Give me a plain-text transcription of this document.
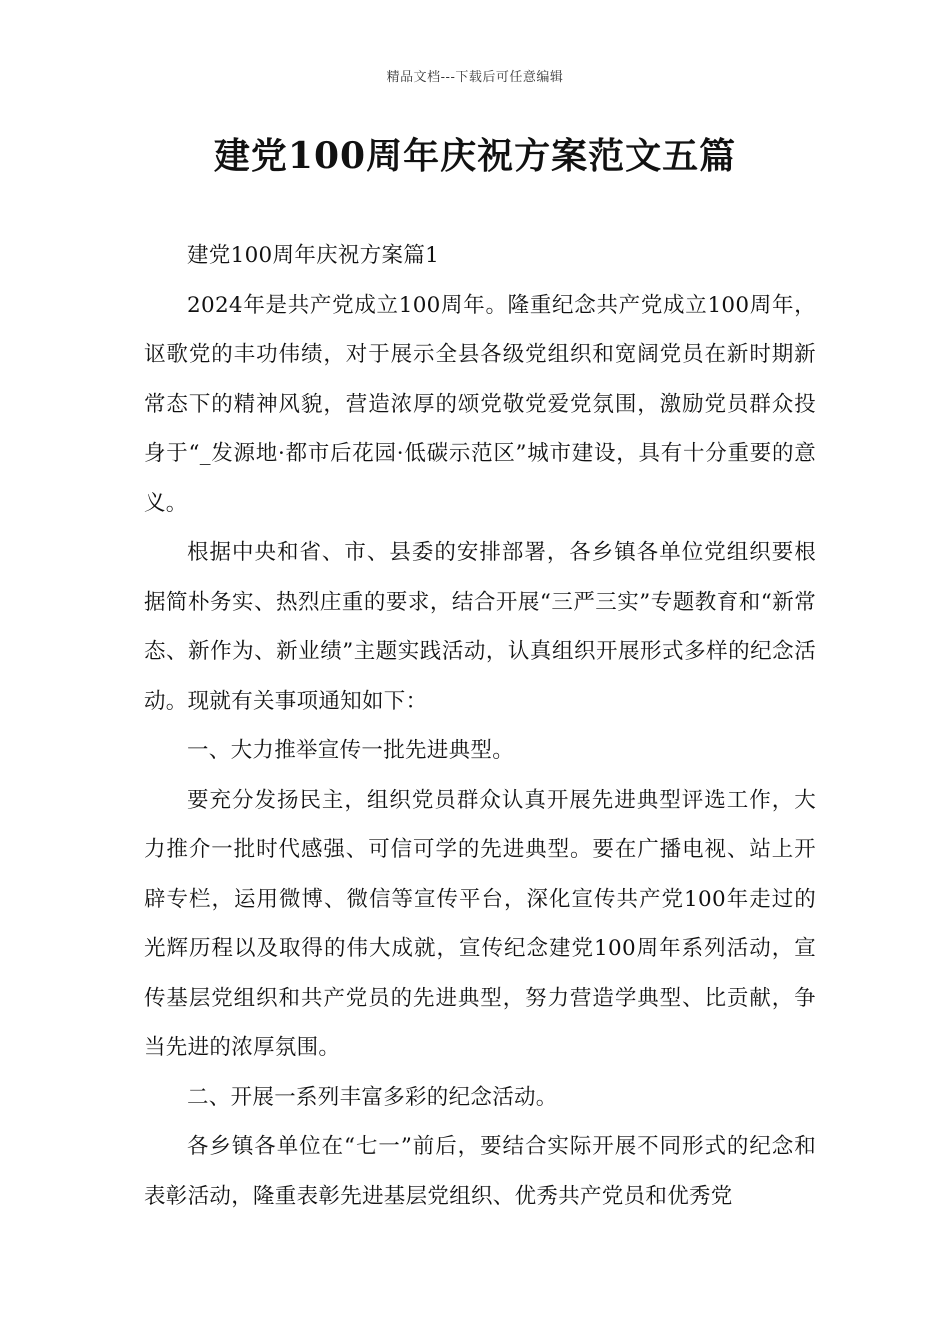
精品文档---下载后可任意编辑
建党100周年庆祝方案范文五篇

建党100周年庆祝方案篇1

2024年是共产党成立100周年。隆重纪念共产党成立100周年，讴歌党的丰功伟绩，对于展示全县各级党组织和宽阔党员在新时期新常态下的精神风貌，营造浓厚的颂党敬党爱党氛围，激励党员群众投身于“_发源地·都市后花园·低碳示范区”城市建设，具有十分重要的意义。

根据中央和省、市、县委的安排部署，各乡镇各单位党组织要根据简朴务实、热烈庄重的要求，结合开展“三严三实”专题教育和“新常态、新作为、新业绩”主题实践活动，认真组织开展形式多样的纪念活动。现就有关事项通知如下：

一、大力推举宣传一批先进典型。

要充分发扬民主，组织党员群众认真开展先进典型评选工作，大力推介一批时代感强、可信可学的先进典型。要在广播电视、站上开辟专栏，运用微博、微信等宣传平台，深化宣传共产党100年走过的光辉历程以及取得的伟大成就，宣传纪念建党100周年系列活动，宣传基层党组织和共产党员的先进典型，努力营造学典型、比贡献，争当先进的浓厚氛围。

二、开展一系列丰富多彩的纪念活动。

各乡镇各单位在“七一”前后，要结合实际开展不同形式的纪念和表彰活动，隆重表彰先进基层党组织、优秀共产党员和优秀党
